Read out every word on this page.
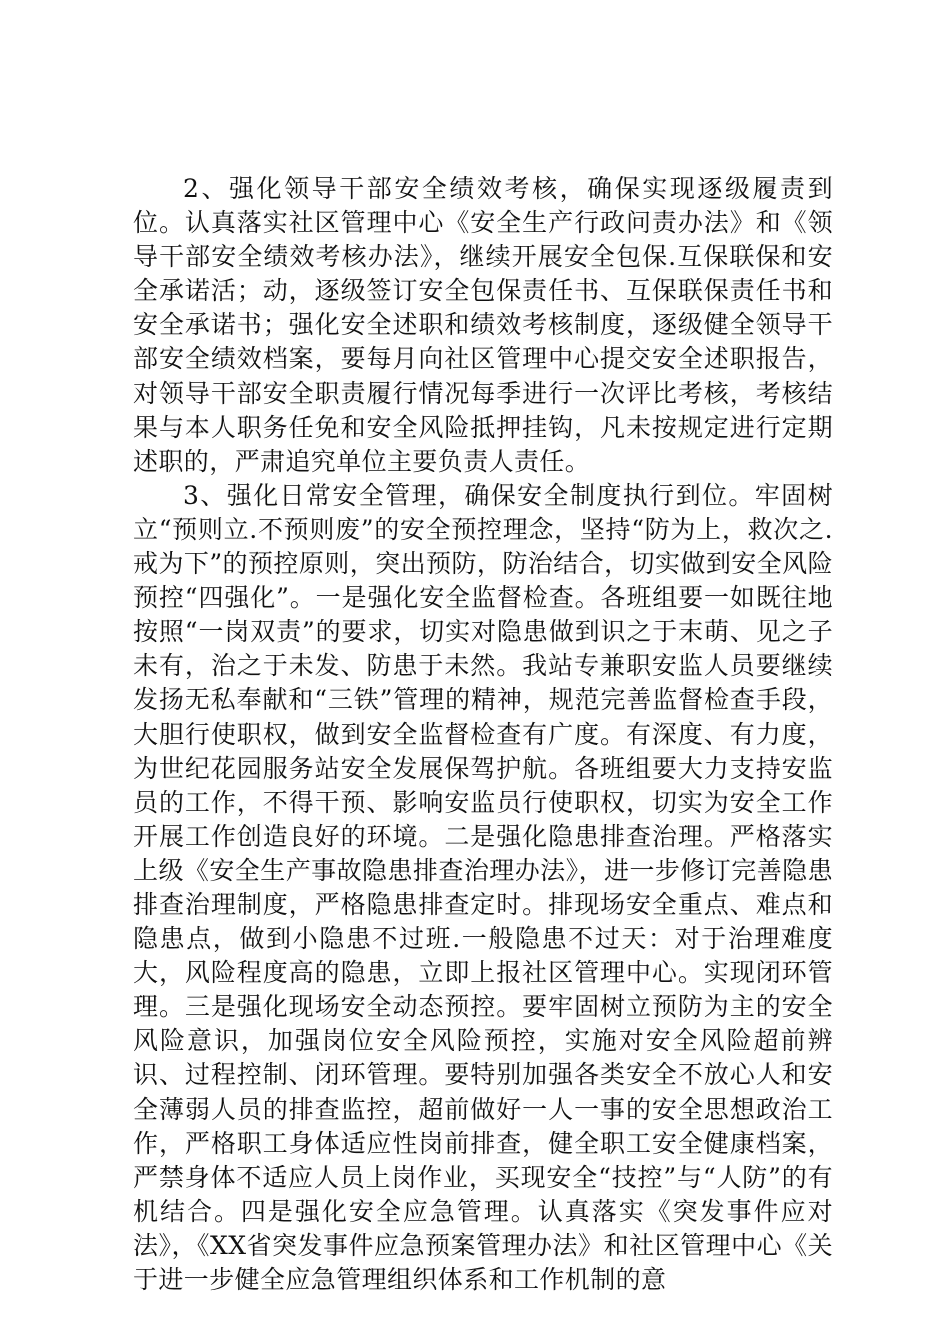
2、强化领导干部安全绩效考核，确保实现逐级履责到位。认真落实社区管理中心《安全生产行政问责办法》和《领导干部安全绩效考核办法》，继续开展安全包保.互保联保和安全承诺活；动，逐级签订安全包保责任书、互保联保责任书和安全承诺书；强化安全述职和绩效考核制度，逐级健全领导干部安全绩效档案，要每月向社区管理中心提交安全述职报告，对领导干部安全职责履行情况每季进行一次评比考核，考核结果与本人职务任免和安全风险抵押挂钩，凡未按规定进行定期述职的，严肃追究单位主要负责人责任。

3、强化日常安全管理，确保安全制度执行到位。牢固树立“预则立.不预则废”的安全预控理念，坚持“防为上，救次之.戒为下”的预控原则，突出预防，防治结合，切实做到安全风险预控“四强化”。一是强化安全监督检查。各班组要一如既往地按照“一岗双责”的要求，切实对隐患做到识之于末萌、见之子未有，治之于未发、防患于未然。我站专兼职安监人员要继续发扬无私奉献和“三铁”管理的精神，规范完善监督检查手段，大胆行使职权，做到安全监督检查有广度。有深度、有力度，为世纪花园服务站安全发展保驾护航。各班组要大力支持安监员的工作，不得干预、影响安监员行使职权，切实为安全工作开展工作创造良好的环境。二是强化隐患排查治理。严格落实上级《安全生产事故隐患排查治理办法》，进一步修订完善隐患排查治理制度，严格隐患排查定时。排现场安全重点、难点和隐患点，做到小隐患不过班.一般隐患不过天：对于治理难度大，风险程度高的隐患，立即上报社区管理中心。实现闭环管理。三是强化现场安全动态预控。要牢固树立预防为主的安全风险意识，加强岗位安全风险预控，实施对安全风险超前辨识、过程控制、闭环管理。要特别加强各类安全不放心人和安全薄弱人员的排查监控，超前做好一人一事的安全思想政治工作，严格职工身体适应性岗前排查，健全职工安全健康档案，严禁身体不适应人员上岗作业，买现安全“技控”与“人防”的有机结合。四是强化安全应急管理。认真落实《突发事件应对法》，《XX省突发事件应急预案管理办法》和社区管理中心《关于进一步健全应急管理组织体系和工作机制的意
